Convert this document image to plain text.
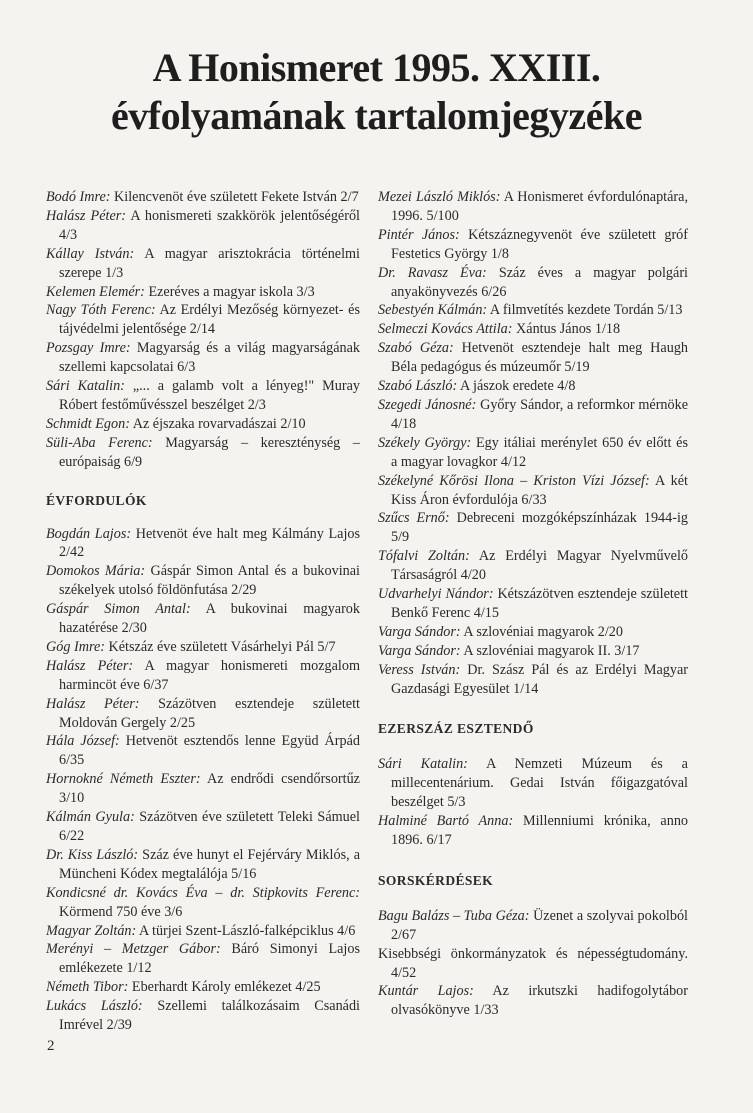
A Honismeret 1995. XXIII.
évfolyamának tartalomjegyzéke

Bodó Imre: Kilencvenöt éve született Fekete István 2/7

Halász Péter: A honismereti szakkörök jelentőségéről 4/3

Kállay István: A magyar arisztokrácia történelmi szerepe 1/3

Kelemen Elemér: Ezeréves a magyar iskola 3/3

Nagy Tóth Ferenc: Az Erdélyi Mezőség környezet- és tájvédelmi jelentősége 2/14

Pozsgay Imre: Magyarság és a világ magyarságának szellemi kapcsolatai 6/3

Sári Katalin: „... a galamb volt a lényeg!" Muray Róbert festőművésszel beszélget 2/3

Schmidt Egon: Az éjszaka rovarvadászai 2/10

Süli-Aba Ferenc: Magyarság – kereszténység – európaiság 6/9

ÉVFORDULÓK

Bogdán Lajos: Hetvenöt éve halt meg Kálmány Lajos 2/42

Domokos Mária: Gáspár Simon Antal és a bukovinai székelyek utolsó földönfutása 2/29

Gáspár Simon Antal: A bukovinai magyarok hazatérése 2/30

Góg Imre: Kétszáz éve született Vásárhelyi Pál 5/7

Halász Péter: A magyar honismereti mozgalom harmincöt éve 6/37

Halász Péter: Százötven esztendeje született Moldován Gergely 2/25

Hála József: Hetvenöt esztendős lenne Együd Árpád 6/35

Hornokné Németh Eszter: Az endrődi csendőrsortűz 3/10

Kálmán Gyula: Százötven éve született Teleki Sámuel 6/22

Dr. Kiss László: Száz éve hunyt el Fejérváry Miklós, a Müncheni Kódex megtalálója 5/16

Kondicsné dr. Kovács Éva – dr. Stipkovits Ferenc: Körmend 750 éve 3/6

Magyar Zoltán: A türjei Szent-László-falképciklus 4/6

Merényi – Metzger Gábor: Báró Simonyi Lajos emlékezete 1/12

Németh Tibor: Eberhardt Károly emlékezet 4/25

Lukács László: Szellemi találkozásaim Csanádi Imrével 2/39

Mezei László Miklós: A Honismeret évfordulónaptára, 1996. 5/100

Pintér János: Kétszáznegyvenöt éve született gróf Festetics György 1/8

Dr. Ravasz Éva: Száz éves a magyar polgári anyakönyvezés 6/26

Sebestyén Kálmán: A filmvetítés kezdete Tordán 5/13

Selmeczi Kovács Attila: Xántus János 1/18

Szabó Géza: Hetvenöt esztendeje halt meg Haugh Béla pedagógus és múzeumőr 5/19

Szabó László: A jászok eredete 4/8

Szegedi Jánosné: Győry Sándor, a reformkor mérnöke 4/18

Székely György: Egy itáliai merénylet 650 év előtt és a magyar lovagkor 4/12

Székelyné Kőrösi Ilona – Kriston Vízi József: A két Kiss Áron évfordulója 6/33

Szűcs Ernő: Debreceni mozgóképszínházak 1944-ig 5/9

Tófalvi Zoltán: Az Erdélyi Magyar Nyelvművelő Társaságról 4/20

Udvarhelyi Nándor: Kétszázötven esztendeje született Benkő Ferenc 4/15

Varga Sándor: A szlovéniai magyarok 2/20

Varga Sándor: A szlovéniai magyarok II. 3/17

Veress István: Dr. Szász Pál és az Erdélyi Magyar Gazdasági Egyesület 1/14

EZERSZÁZ ESZTENDŐ

Sári Katalin: A Nemzeti Múzeum és a millecentenárium. Gedai István főigazgatóval beszélget 5/3

Halminé Bartó Anna: Millenniumi krónika, anno 1896. 6/17

SORSKÉRDÉSEK

Bagu Balázs – Tuba Géza: Üzenet a szolyvai pokolból 2/67

Kisebbségi önkormányzatok és népességtudomány. 4/52

Kuntár Lajos: Az irkutszki hadifogolytábor olvasókönyve 1/33

2
